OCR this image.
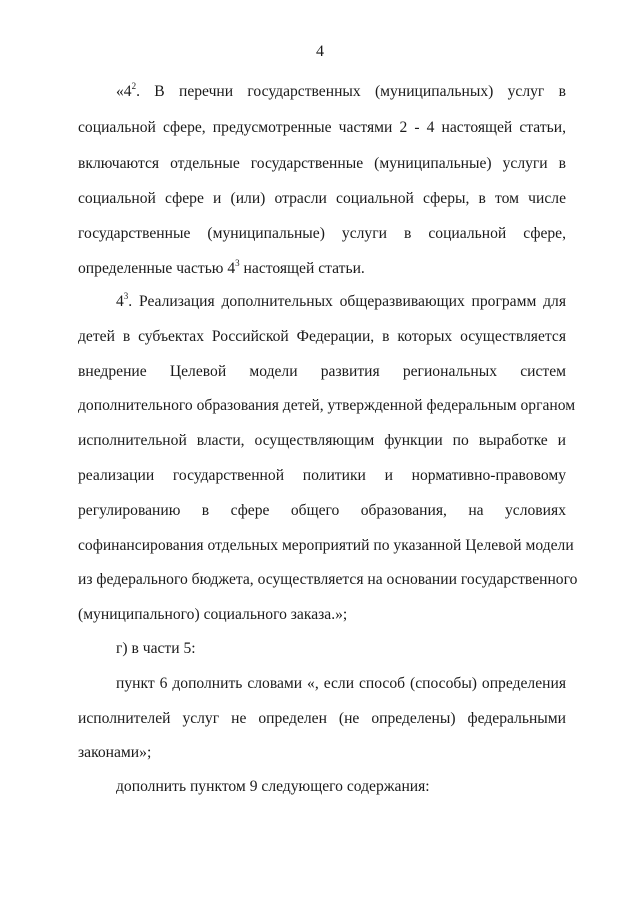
4
«$4^2$. В перечни государственных (муниципальных) услуг в
социальной сфере, предусмотренные частями 2 - 4 настоящей статьи,
включаются отдельные государственные (муниципальные) услуги в
социальной сфере и (или) отрасли социальной сферы, в том числе
государственные (муниципальные) услуги в социальной сфере,
определенные частью $4^3$ настоящей статьи.
$4^3$. Реализация дополнительных общеразвивающих программ для
детей в субъектах Российской Федерации, в которых осуществляется
внедрение Целевой модели развития региональных систем
дополнительного образования детей, утвержденной федеральным органом
исполнительной власти, осуществляющим функции по выработке и
реализации государственной политики и нормативно-правовому
регулированию в сфере общего образования, на условиях
софинансирования отдельных мероприятий по указанной Целевой модели
из федерального бюджета, осуществляется на основании государственного
(муниципального) социального заказа.»;
г) в части 5:
пункт 6 дополнить словами «, если способ (способы) определения
исполнителей услуг не определен (не определены) федеральными
законами»;
дополнить пунктом 9 следующего содержания:
